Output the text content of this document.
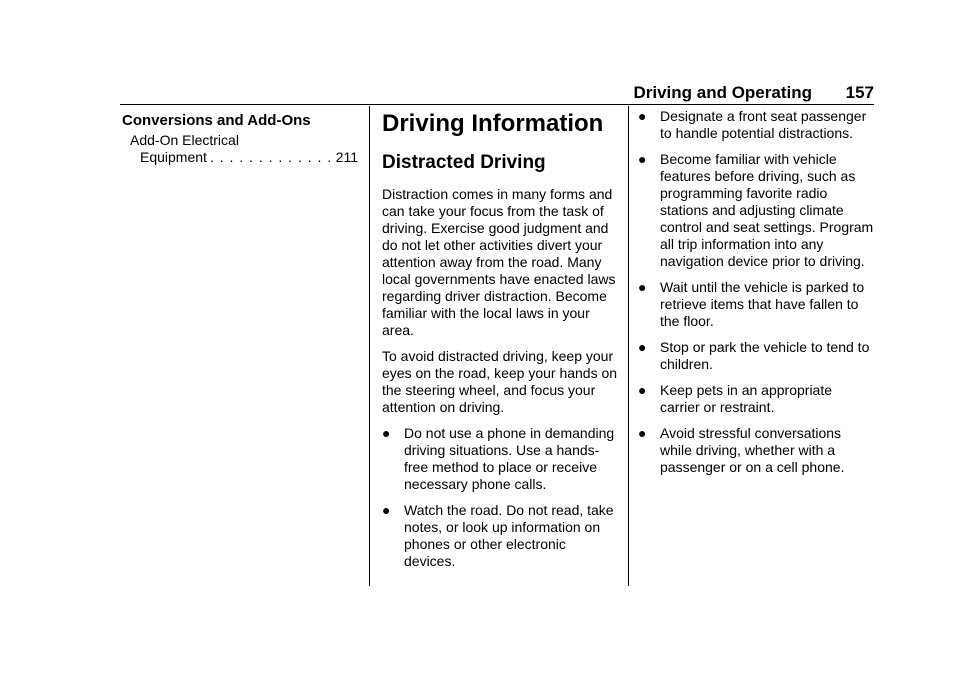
Driving and Operating 157
Conversions and Add-Ons
Add-On Electrical
Equipment
. . .	211
Driving Information
Distracted Driving

Distraction comes in many forms and can take your focus from the task of driving. Exercise good judgment and do not let other activities divert your attention away from the road. Many local governments have enacted laws regarding driver distraction. Become familiar with the local laws in your area.

To avoid distracted driving, keep your eyes on the road, keep your hands on the steering wheel, and focus your attention on driving.

● Do not use a phone in demanding driving situations. Use a hands-free method to place or receive necessary phone calls.
● Watch the road. Do not read, take notes, or look up information on phones or other electronic devices.
● Designate a front seat passenger to handle potential distractions.
● Become familiar with vehicle features before driving, such as programming favorite radio stations and adjusting climate control and seat settings. Program all trip information into any navigation device prior to driving.
● Wait until the vehicle is parked to retrieve items that have fallen to the floor.
● Stop or park the vehicle to tend to children.
● Keep pets in an appropriate carrier or restraint.
● Avoid stressful conversations while driving, whether with a passenger or on a cell phone.
